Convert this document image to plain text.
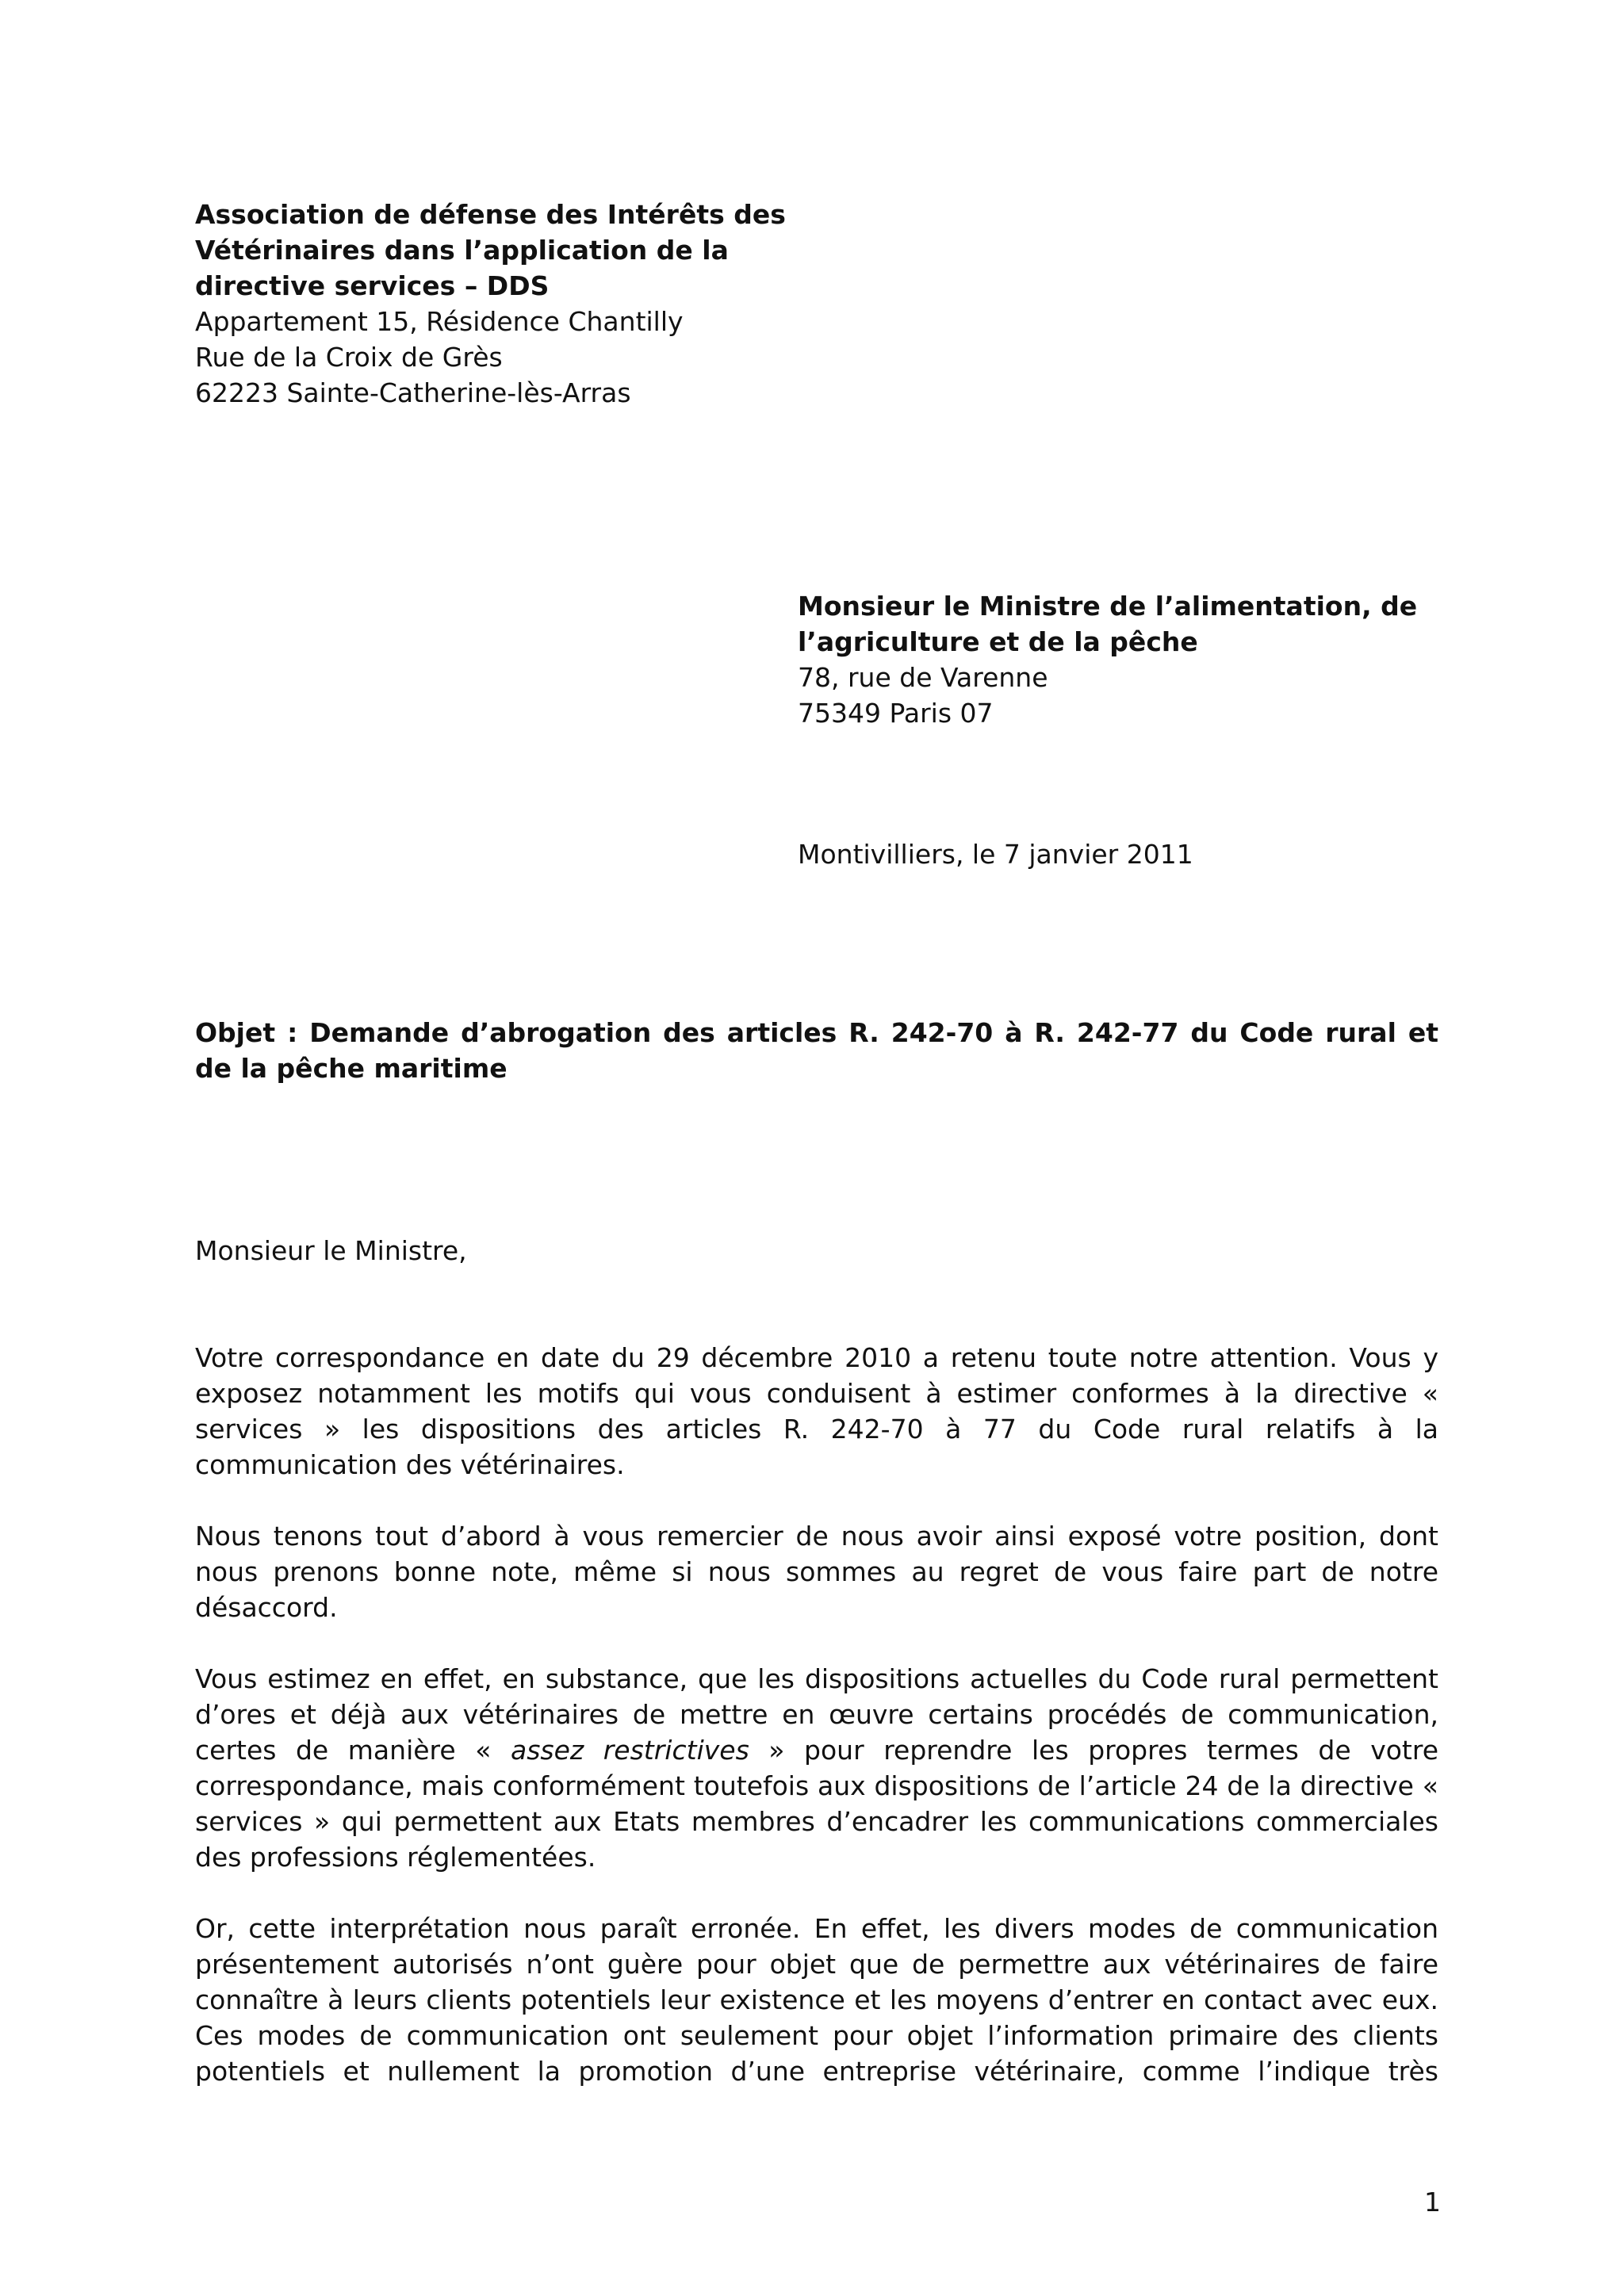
Association de défense des Intérêts des
Vétérinaires dans l’application de la
directive services – DDS
Appartement 15, Résidence Chantilly
Rue de la Croix de Grès
62223 Sainte-Catherine-lès-Arras
Monsieur le Ministre de l’alimentation, de
l’agriculture et de la pêche
78, rue de Varenne
75349 Paris 07
Montivilliers, le 7 janvier 2011
Objet : Demande d’abrogation des articles R. 242-70 à R. 242-77 du Code rural et de la pêche maritime
Monsieur le Ministre,

Votre correspondance en date du 29 décembre 2010 a retenu toute notre attention. Vous y exposez notamment les motifs qui vous conduisent à estimer conformes à la directive « services » les dispositions des articles R. 242-70 à 77 du Code rural relatifs à la communication des vétérinaires.

Nous tenons tout d’abord à vous remercier de nous avoir ainsi exposé votre position, dont nous prenons bonne note, même si nous sommes au regret de vous faire part de notre désaccord.

Vous estimez en effet, en substance, que les dispositions actuelles du Code rural permettent d’ores et déjà aux vétérinaires de mettre en œuvre certains procédés de communication, certes de manière « assez restrictives » pour reprendre les propres termes de votre correspondance, mais conformément toutefois aux dispositions de l’article 24 de la directive « services » qui permettent aux Etats membres d’encadrer les communications commerciales des professions réglementées.

Or, cette interprétation nous paraît erronée. En effet, les divers modes de communication présentement autorisés n’ont guère pour objet que de permettre aux vétérinaires de faire connaître à leurs clients potentiels leur existence et les moyens d’entrer en contact avec eux. Ces modes de communication ont seulement pour objet l’information primaire des clients potentiels et nullement la promotion d’une entreprise vétérinaire, comme l’indique très

1
